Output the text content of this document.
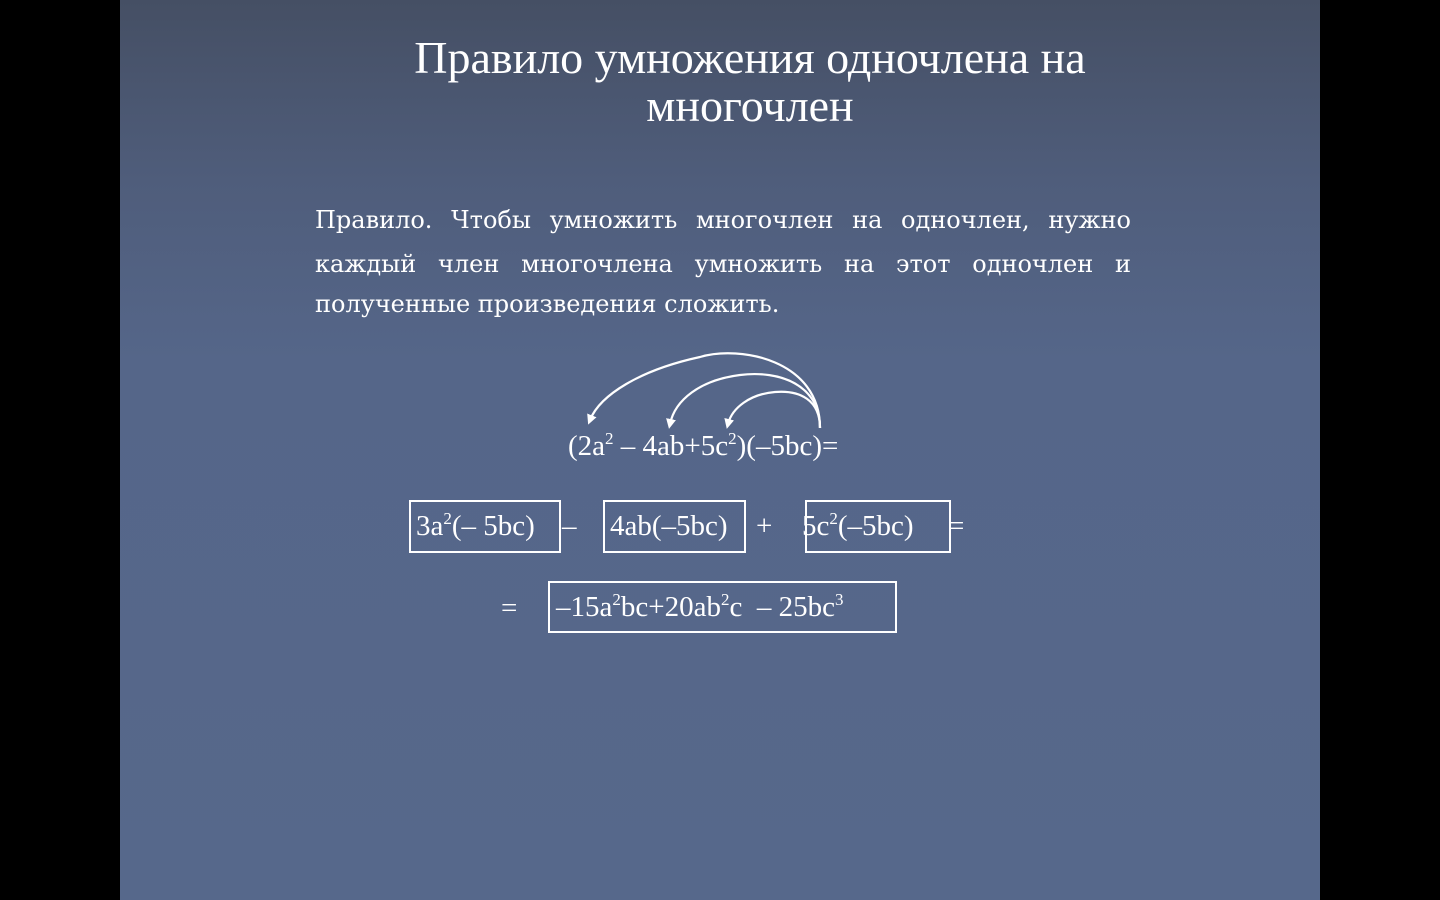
Правило умножения одночлена на многочлен
Правило. Чтобы умножить многочлен на одночлен, нужно
каждый член многочлена умножить на этот одночлен и
полученные произведения сложить.
$(2a^2 - 4ab+5c^2)(-5bc)=$
$3a^2(-$ $5bc) - 4ab(-5bc) + 5c^2(-5bc)$ =
= $-15a^2bc+20ab^2c - 25bc^3$
